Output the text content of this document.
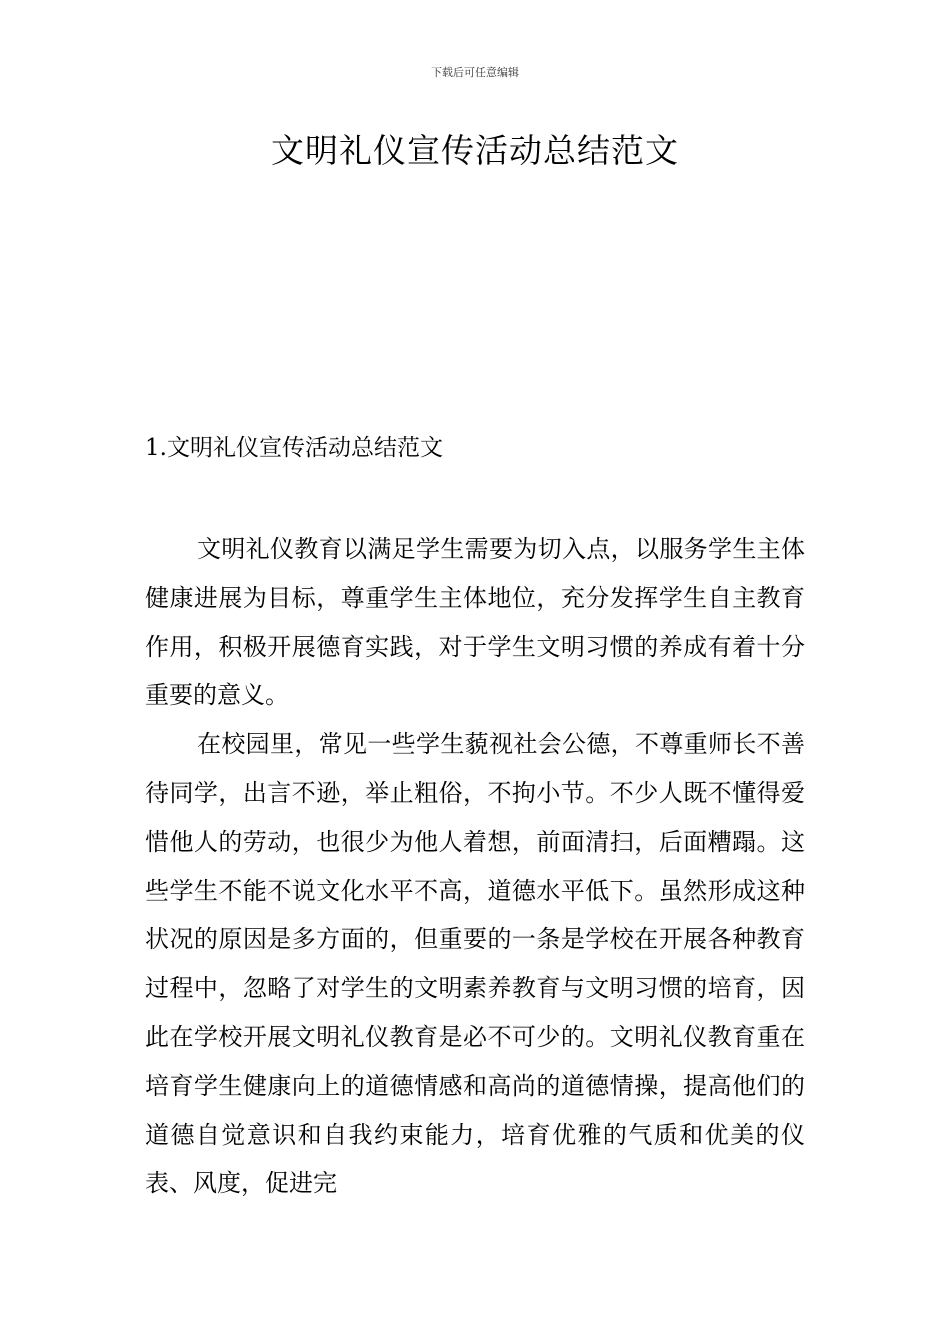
下载后可任意编辑
文明礼仪宣传活动总结范文
1.文明礼仪宣传活动总结范文

文明礼仪教育以满足学生需要为切入点，以服务学生主体健康进展为目标，尊重学生主体地位，充分发挥学生自主教育作用，积极开展德育实践，对于学生文明习惯的养成有着十分重要的意义。

在校园里，常见一些学生藐视社会公德，不尊重师长不善待同学，出言不逊，举止粗俗，不拘小节。不少人既不懂得爱惜他人的劳动，也很少为他人着想，前面清扫，后面糟蹋。这些学生不能不说文化水平不高，道德水平低下。虽然形成这种状况的原因是多方面的，但重要的一条是学校在开展各种教育过程中，忽略了对学生的文明素养教育与文明习惯的培育，因此在学校开展文明礼仪教育是必不可少的。文明礼仪教育重在培育学生健康向上的道德情感和高尚的道德情操，提高他们的道德自觉意识和自我约束能力，培育优雅的气质和优美的仪表、风度，促进完
